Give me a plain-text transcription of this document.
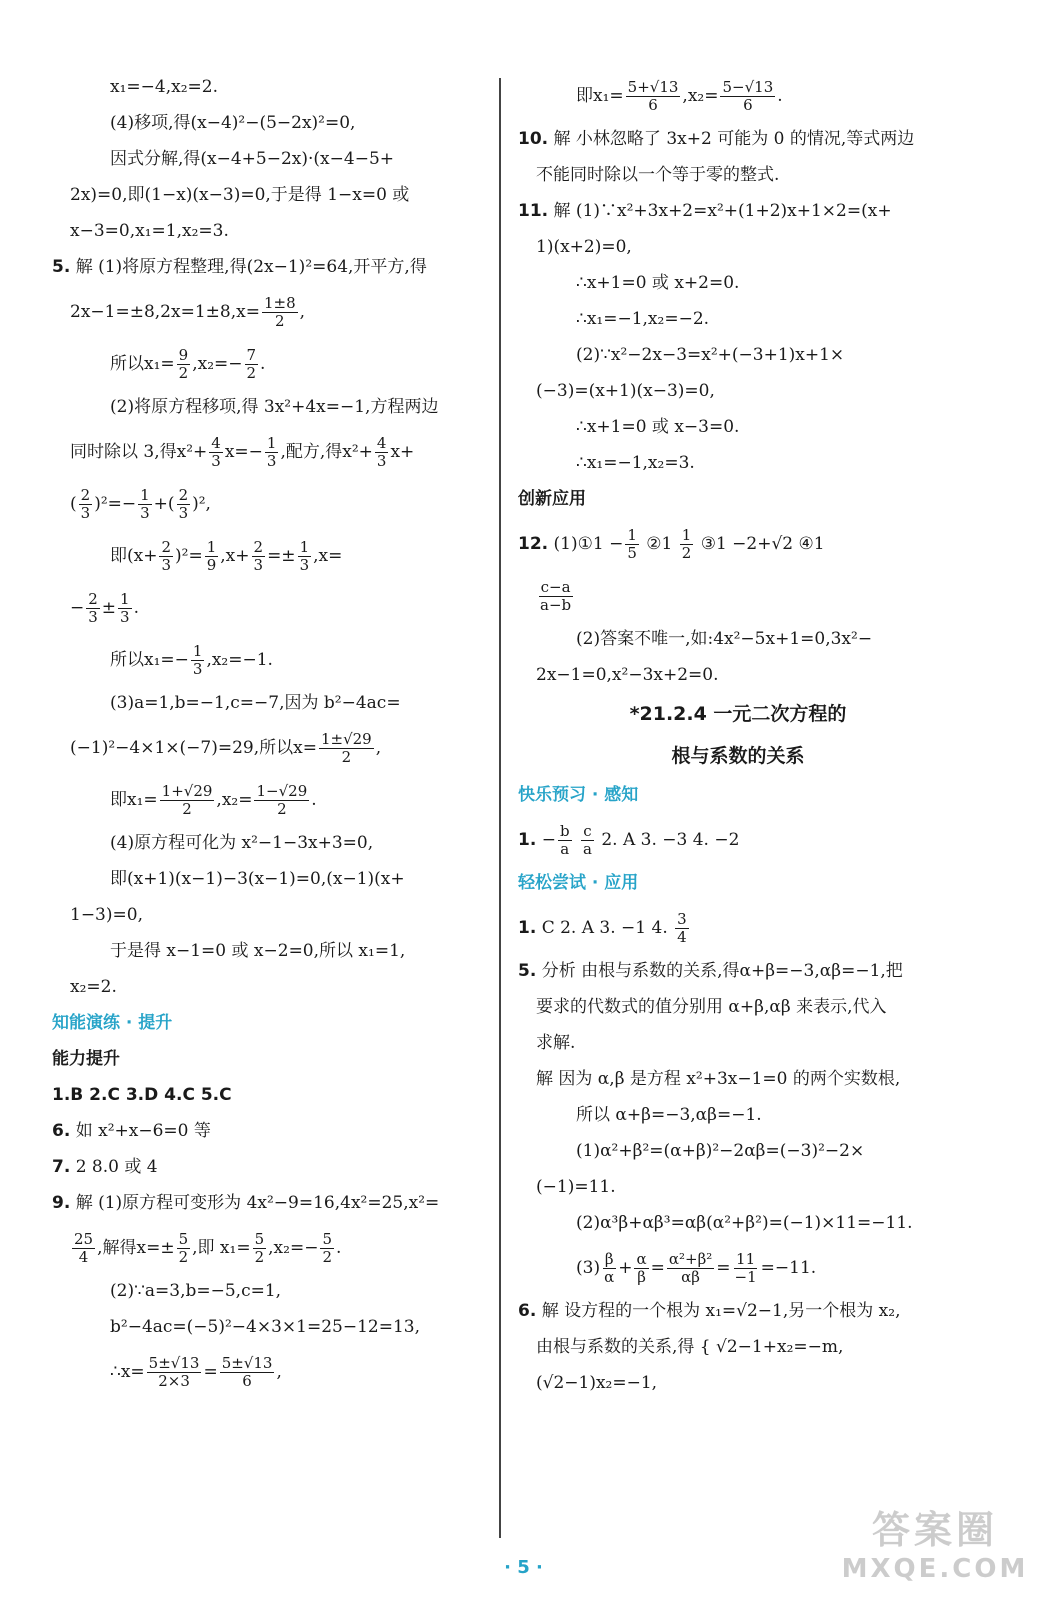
x₁=−4,x₂=2.
(4)移项,得(x−4)²−(5−2x)²=0,
因式分解,得(x−4+5−2x)·(x−4−5+
2x)=0,即(1−x)(x−3)=0,于是得 1−x=0 或
x−3=0,x₁=1,x₂=3.
5. 解 (1)将原方程整理,得(2x−1)²=64,开平方,得
$2x-1=\pm 8,2x=1\pm 8,x= \frac{1\pm 8}{2}$ ,
所以$x_1= \frac{9}{2} ,x_2=- \frac{7}{2}$ .
(2)将原方程移项,得 3x²+4x=−1,方程两边
同时除以 3,得$x^2+ \frac{4}{3} x=- \frac{1}{3}$ ,配方,得$x^2+ \frac{4}{3} x+$
( $\frac{2}{3} )^2=- \frac{1}{3}$ +( $\frac{2}{3} )^2$,
即$(x+ \frac{2}{3} )^2= \frac{1}{9} ,x+ \frac{2}{3} =\pm \frac{1}{3} ,x=$
− $\frac{2}{3} \pm \frac{1}{3}$ .
所以$x_1=- \frac{1}{3} ,x_2=-1$.
(3)a=1,b=−1,c=−7,因为 b²−4ac=
(−1)²−4×1×(−7)=29,所以$x= \frac{1\pm√29}{2}$ ,
即$x_1= \frac{1+√29}{2} ,x_2= \frac{1-√29}{2}$ .
(4)原方程可化为 x²−1−3x+3=0,
即(x+1)(x−1)−3(x−1)=0,(x−1)(x+
1−3)=0,
于是得 x−1=0 或 x−2=0,所以 x₁=1,
x₂=2.
知能演练 · 提升
能力提升
1.B 2.C 3.D 4.C 5.C
6. 如 x²+x−6=0 等
7. 2 8.0 或 4
9. 解 (1)原方程可变形为 4x²−9=16,4x²=25,x²=
$\frac{25}{4}$ ,解得$x=\pm \frac{5}{2}$ ,即 $x_1= \frac{5}{2} ,x_2=- \frac{5}{2}$ .
(2)∵a=3,b=−5,c=1,
b²−4ac=(−5)²−4×3×1=25−12=13,
∴x= $\frac{5\pm√13}{2\times 3} = \frac{5\pm√13}{6}$ ,
即$x_1= \frac{5+√13}{6} ,x_2= \frac{5-√13}{6}$ .
10. 解 小林忽略了 3x+2 可能为 0 的情况,等式两边
不能同时除以一个等于零的整式.
11. 解 (1)∵x²+3x+2=x²+(1+2)x+1×2=(x+
1)(x+2)=0,
∴x+1=0 或 x+2=0.
∴x₁=−1,x₂=−2.
(2)∵x²−2x−3=x²+(−3+1)x+1×
(−3)=(x+1)(x−3)=0,
∴x+1=0 或 x−3=0.
∴x₁=−1,x₂=3.
创新应用
12. (1)①1 − $\frac{1}{5}$ ②1 $\frac{1}{2}$ ③1 −2+√2 ④1
$\frac{c-a}{a-b}$
(2)答案不唯一,如:4x²−5x+1=0,3x²−
2x−1=0,x²−3x+2=0.
*21.2.4 一元二次方程的
根与系数的关系
快乐预习 · 感知
1. − $\frac{b}{a}$
$\frac{c}{a} 2$. A 3. −3 4. −2
轻松尝试 · 应用
1. C 2. A 3. −1 4. $\frac{3}{4}$
5. 分析 由根与系数的关系,得α+β=−3,αβ=−1,把
要求的代数式的值分别用 α+β,αβ 来表示,代入
求解.
解 因为 α,β 是方程 x²+3x−1=0 的两个实数根,
所以 α+β=−3,αβ=−1.
(1)α²+β²=(α+β)²−2αβ=(−3)²−2×
(−1)=11.
(2)α³β+αβ³=αβ(α²+β²)=(−1)×11=−11.
$(3) \frac{\beta}{\alpha} + \frac{\alpha}{\beta} = \frac{\text{α²+β²}}{\alpha\beta} = \frac{11}{-1} =-11$.
6. 解 设方程的一个根为 x₁=√2−1,另一个根为 x₂,
由根与系数的关系,得 { √2−1+x₂=−m,
(√2−1)x₂=−1,
· 5 ·
答案圈
MXQE.COM
